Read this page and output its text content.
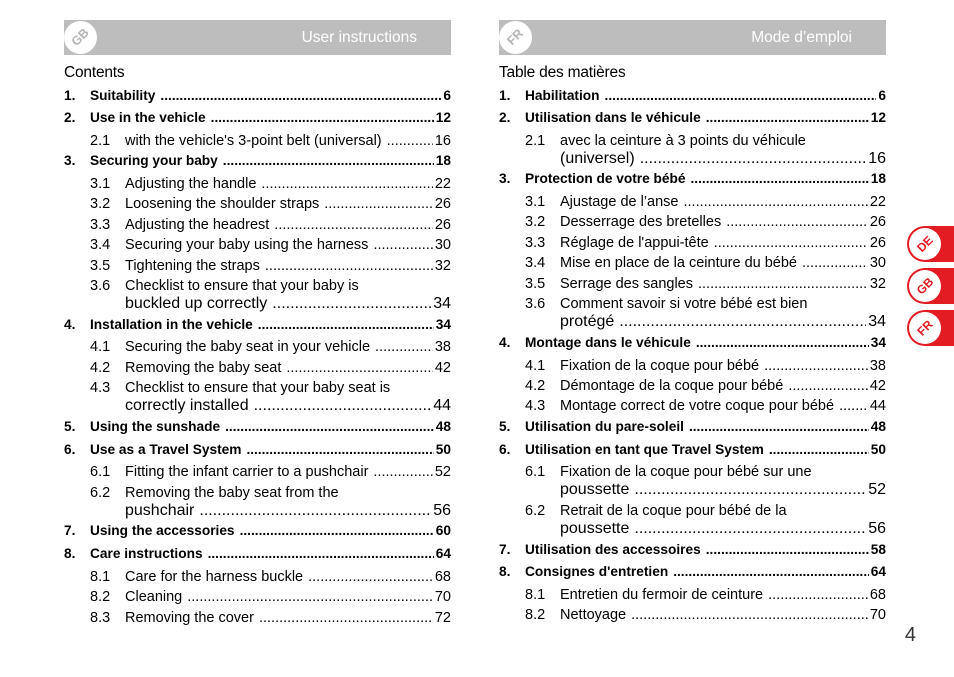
GB	User instructions
Contents
1. Suitability .....	6
2. Use in the vehicle .....	12
2.1 with the vehicle's 3-point belt (universal) .....	16
3. Securing your baby .....	18
3.1 Adjusting the handle .....	22
3.2 Loosening the shoulder straps .....	26
3.3 Adjusting the headrest .....	26
3.4 Securing your baby using the harness .....	30
3.5 Tightening the straps .....	32
3.6 Checklist to ensure that your baby is
buckled up correctly .....	34
4. Installation in the vehicle .....	34
4.1 Securing the baby seat in your vehicle .....	38
4.2 Removing the baby seat .....	42
4.3 Checklist to ensure that your baby seat is
correctly installed .....	44
5. Using the sunshade .....	48
6. Use as a Travel System .....	50
6.1 Fitting the infant carrier to a pushchair .....	52
6.2 Removing the baby seat from the
pushchair .....	56
7. Using the accessories .....	60
8. Care instructions .....	64
8.1 Care for the harness buckle .....	68
8.2 Cleaning .....	70
8.3 Removing the cover .....	72
FR	Mode d’emploi
Table des matières
1. Habilitation .....	6
2. Utilisation dans le véhicule .....	12
2.1 avec la ceinture à 3 points du véhicule
(universel) .....	16
3. Protection de votre bébé .....	18
3.1 Ajustage de l’anse .....	22
3.2 Desserrage des bretelles .....	26
3.3 Réglage de l'appui-tête .....	26
3.4 Mise en place de la ceinture du bébé .....	30
3.5 Serrage des sangles .....	32
3.6 Comment savoir si votre bébé est bien
protégé .....	34
4. Montage dans le véhicule .....	34
4.1 Fixation de la coque pour bébé .....	38
4.2 Démontage de la coque pour bébé .....	42
4.3 Montage correct de votre coque pour bébé ..... 44
5. Utilisation du pare-soleil .....	48
6. Utilisation en tant que Travel System .....	50
6.1 Fixation de la coque pour bébé sur une
poussette .....	52
6.2 Retrait de la coque pour bébé de la
poussette .....	56
7. Utilisation des accessoires .....	58
8. Consignes d'entretien .....	64
8.1 Entretien du fermoir de ceinture .....	68
8.2 Nettoyage .....	70
DE
GB
FR
4
